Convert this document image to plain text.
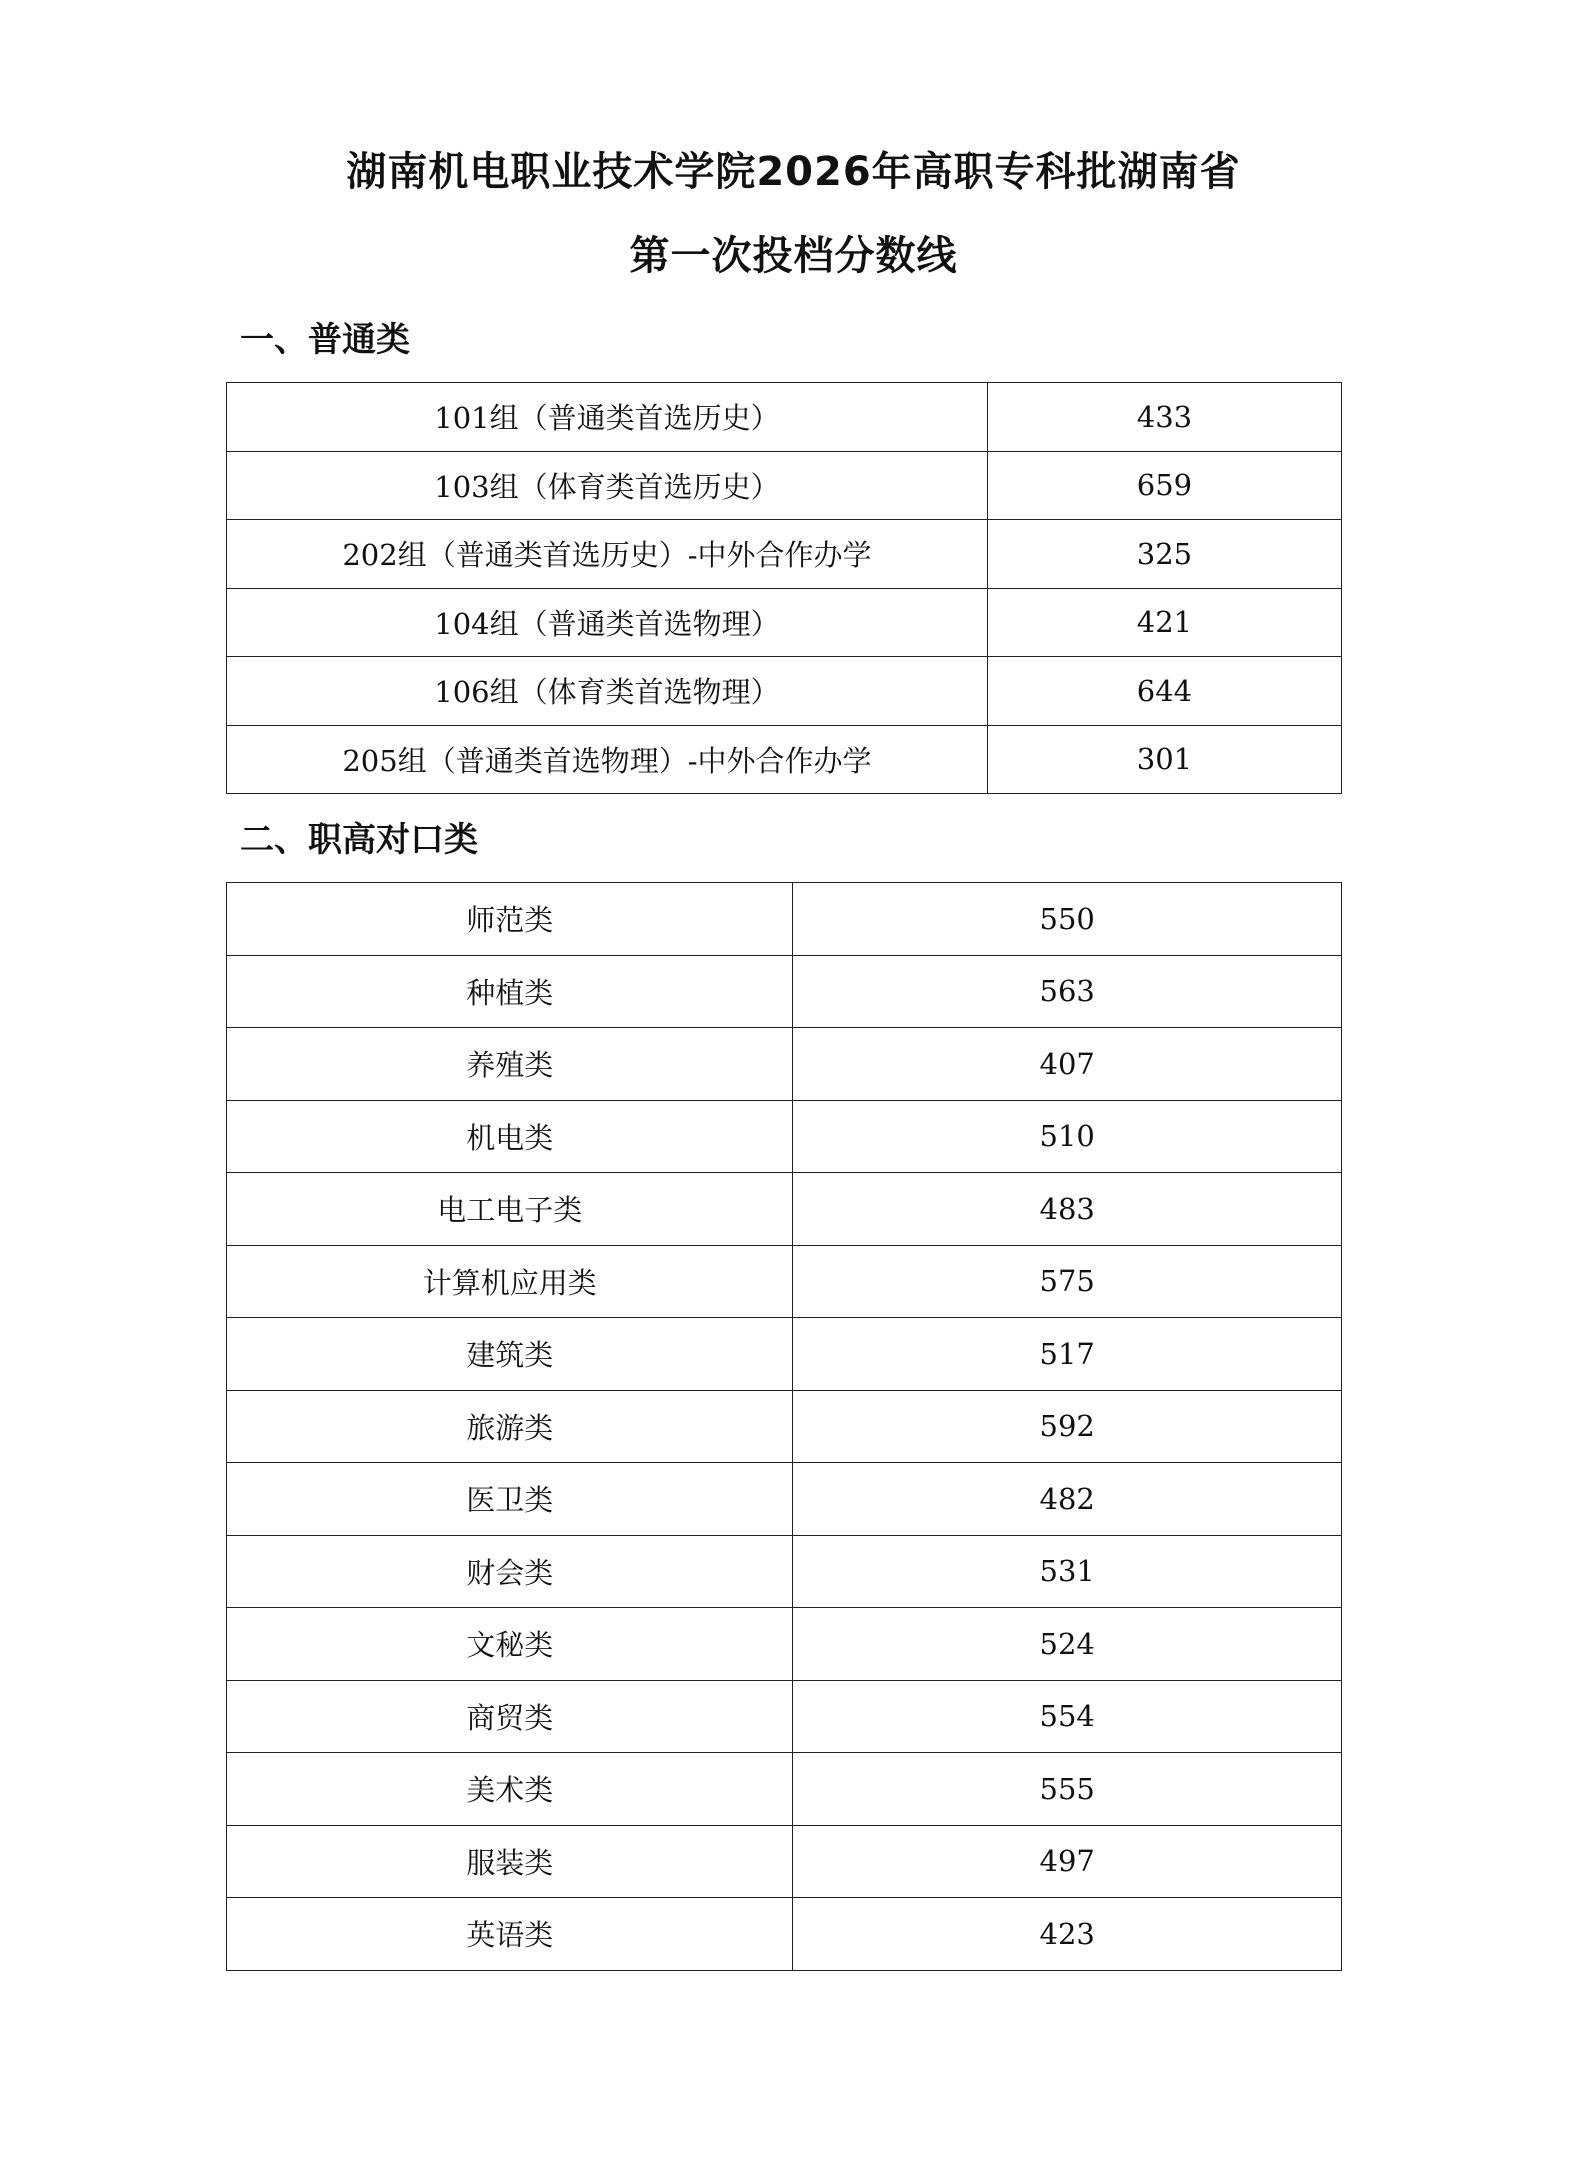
湖南机电职业技术学院2026年高职专科批湖南省
第一次投档分数线
一、普通类
101组（普通类首选历史）	433
103组（体育类首选历史）	659
202组（普通类首选历史）-中外合作办学	325
104组（普通类首选物理）	421
106组（体育类首选物理）	644
205组（普通类首选物理）-中外合作办学	301
二、职高对口类
师范类	550
种植类	563
养殖类	407
机电类	510
电工电子类	483
计算机应用类	575
建筑类	517
旅游类	592
医卫类	482
财会类	531
文秘类	524
商贸类	554
美术类	555
服装类	497
英语类	423
